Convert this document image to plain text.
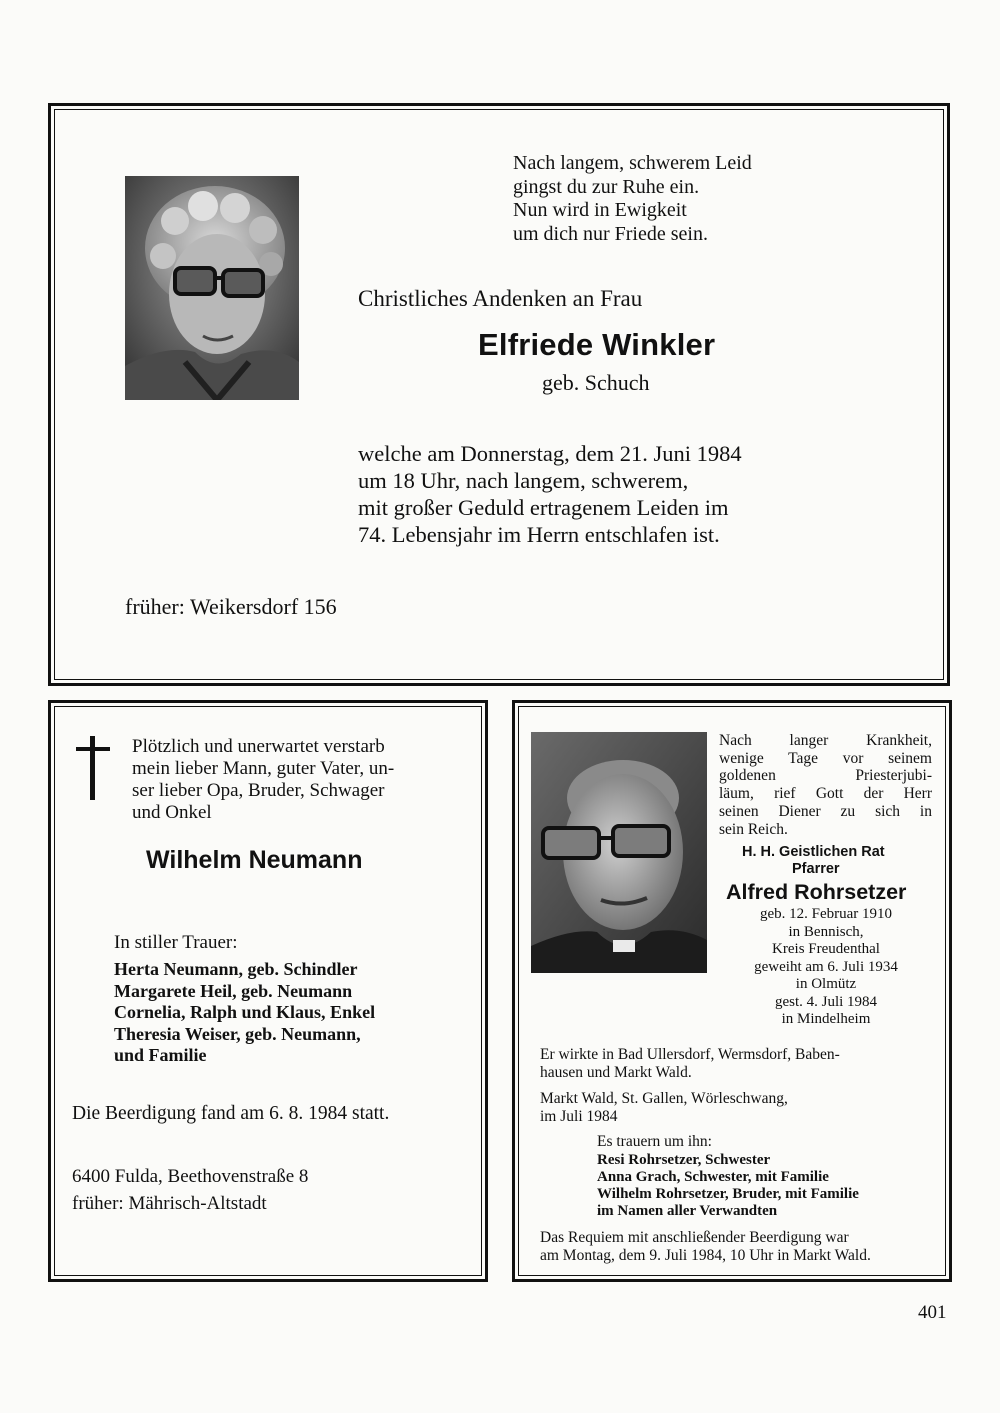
Nach langem, schwerem Leid
gingst du zur Ruhe ein.
Nun wird in Ewigkeit
um dich nur Friede sein.
Christliches Andenken an Frau
Elfriede Winkler
geb. Schuch
welche am Donnerstag, dem 21. Juni 1984
um 18 Uhr, nach langem, schwerem,
mit großer Geduld ertragenem Leiden im
74. Lebensjahr im Herrn entschlafen ist.
früher: Weikersdorf 156
Plötzlich und unerwartet verstarb
mein lieber Mann, guter Vater, un-
ser lieber Opa, Bruder, Schwager
und Onkel
Wilhelm Neumann
In stiller Trauer:
Herta Neumann, geb. Schindler
Margarete Heil, geb. Neumann
Cornelia, Ralph und Klaus, Enkel
Theresia Weiser, geb. Neumann,
und Familie
Die Beerdigung fand am 6. 8. 1984 statt.
6400 Fulda, Beethovenstraße 8
früher: Mährisch-Altstadt
Nach langer Krankheit,
wenige Tage vor seinem
goldenen Priesterjubi-
läum, rief Gott der Herr
seinen Diener zu sich in
sein Reich.
H. H. Geistlichen Rat
Pfarrer
Alfred Rohrsetzer
geb. 12. Februar 1910
in Bennisch,
Kreis Freudenthal
geweiht am 6. Juli 1934
in Olmütz
gest. 4. Juli 1984
in Mindelheim
Er wirkte in Bad Ullersdorf, Wermsdorf, Baben-
hausen und Markt Wald.
Markt Wald, St. Gallen, Wörleschwang,
im Juli 1984
Es trauern um ihn:
Resi Rohrsetzer, Schwester
Anna Grach, Schwester, mit Familie
Wilhelm Rohrsetzer, Bruder, mit Familie
im Namen aller Verwandten
Das Requiem mit anschließender Beerdigung war
am Montag, dem 9. Juli 1984, 10 Uhr in Markt Wald.
401
